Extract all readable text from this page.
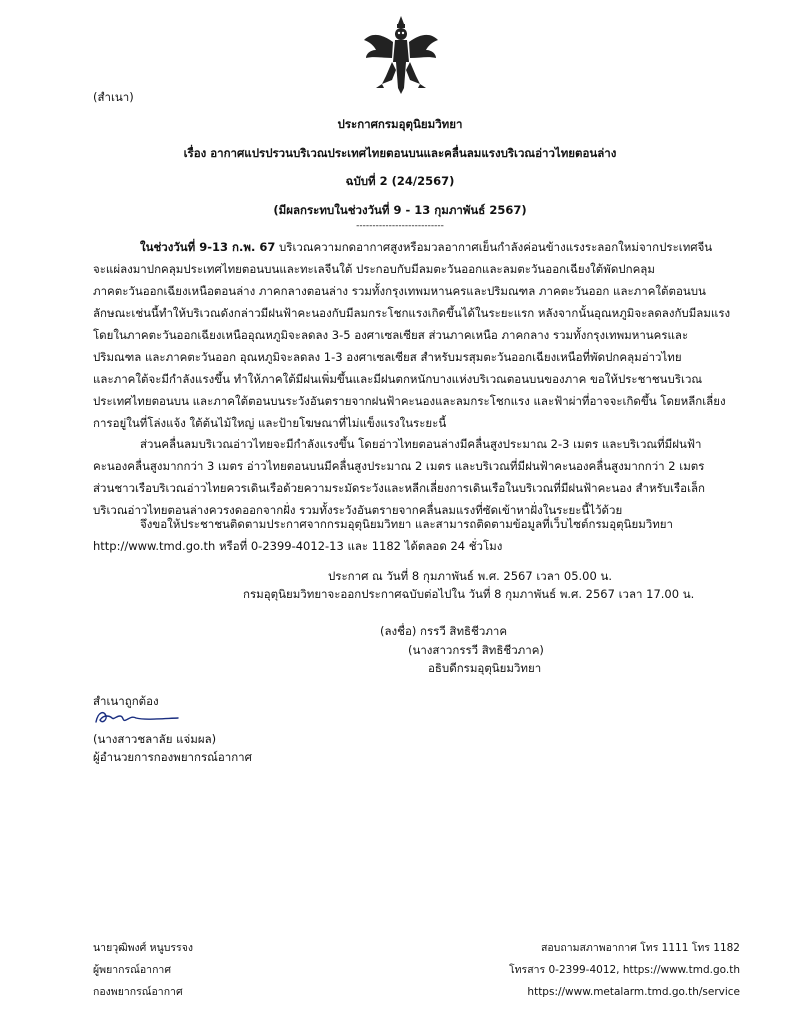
(สำเนา)
ประกาศกรมอุตุนิยมวิทยา
เรื่อง อากาศแปรปรวนบริเวณประเทศไทยตอนบนและคลื่นลมแรงบริเวณอ่าวไทยตอนล่าง
ฉบับที่ 2 (24/2567)
(มีผลกระทบในช่วงวันที่ 9 - 13 กุมภาพันธ์ 2567)
---------------------------
ในช่วงวันที่ 9-13 ก.พ. 67 บริเวณความกดอากาศสูงหรือมวลอากาศเย็นกำลังค่อนข้างแรงระลอกใหม่จากประเทศจีน
จะแผ่ลงมาปกคลุมประเทศไทยตอนบนและทะเลจีนใต้ ประกอบกับมีลมตะวันออกและลมตะวันออกเฉียงใต้พัดปกคลุม
ภาคตะวันออกเฉียงเหนือตอนล่าง ภาคกลางตอนล่าง รวมทั้งกรุงเทพมหานครและปริมณฑล ภาคตะวันออก และภาคใต้ตอนบน
ลักษณะเช่นนี้ทำให้บริเวณดังกล่าวมีฝนฟ้าคะนองกับมีลมกระโชกแรงเกิดขึ้นได้ในระยะแรก หลังจากนั้นอุณหภูมิจะลดลงกับมีลมแรง
โดยในภาคตะวันออกเฉียงเหนืออุณหภูมิจะลดลง 3-5 องศาเซลเซียส ส่วนภาคเหนือ ภาคกลาง รวมทั้งกรุงเทพมหานครและ
ปริมณฑล และภาคตะวันออก อุณหภูมิจะลดลง 1-3 องศาเซลเซียส สำหรับมรสุมตะวันออกเฉียงเหนือที่พัดปกคลุมอ่าวไทย
และภาคใต้จะมีกำลังแรงขึ้น ทำให้ภาคใต้มีฝนเพิ่มขึ้นและมีฝนตกหนักบางแห่งบริเวณตอนบนของภาค ขอให้ประชาชนบริเวณ
ประเทศไทยตอนบน และภาคใต้ตอนบนระวังอันตรายจากฝนฟ้าคะนองและลมกระโชกแรง และฟ้าผ่าที่อาจจะเกิดขึ้น โดยหลีกเลี่ยง
การอยู่ในที่โล่งแจ้ง ใต้ต้นไม้ใหญ่ และป้ายโฆษณาที่ไม่แข็งแรงในระยะนี้
ส่วนคลื่นลมบริเวณอ่าวไทยจะมีกำลังแรงขึ้น โดยอ่าวไทยตอนล่างมีคลื่นสูงประมาณ 2-3 เมตร และบริเวณที่มีฝนฟ้า
คะนองคลื่นสูงมากกว่า 3 เมตร อ่าวไทยตอนบนมีคลื่นสูงประมาณ 2 เมตร และบริเวณที่มีฝนฟ้าคะนองคลื่นสูงมากกว่า 2 เมตร
ส่วนชาวเรือบริเวณอ่าวไทยควรเดินเรือด้วยความระมัดระวังและหลีกเลี่ยงการเดินเรือในบริเวณที่มีฝนฟ้าคะนอง สำหรับเรือเล็ก
บริเวณอ่าวไทยตอนล่างควรงดออกจากฝั่ง รวมทั้งระวังอันตรายจากคลื่นลมแรงที่ซัดเข้าหาฝั่งในระยะนี้ไว้ด้วย
จึงขอให้ประชาชนติดตามประกาศจากกรมอุตุนิยมวิทยา และสามารถติดตามข้อมูลที่เว็บไซต์กรมอุตุนิยมวิทยา
http://www.tmd.go.th หรือที่ 0-2399-4012-13 และ 1182 ได้ตลอด 24 ชั่วโมง
ประกาศ ณ วันที่ 8 กุมภาพันธ์ พ.ศ. 2567 เวลา 05.00 น.
กรมอุตุนิยมวิทยาจะออกประกาศฉบับต่อไปใน วันที่ 8 กุมภาพันธ์ พ.ศ. 2567 เวลา 17.00 น.
(ลงชื่อ) กรรวี สิทธิชีวภาค
(นางสาวกรรวี สิทธิชีวภาค)
อธิบดีกรมอุตุนิยมวิทยา
สำเนาถูกต้อง
(นางสาวชลาลัย แจ่มผล)
ผู้อำนวยการกองพยากรณ์อากาศ
นายวุฒิพงศ์ หนูบรรจง
ผู้พยากรณ์อากาศ
กองพยากรณ์อากาศ
สอบถามสภาพอากาศ โทร 1111 โทร 1182
โทรสาร 0-2399-4012, https://www.tmd.go.th
https://www.metalarm.tmd.go.th/service
